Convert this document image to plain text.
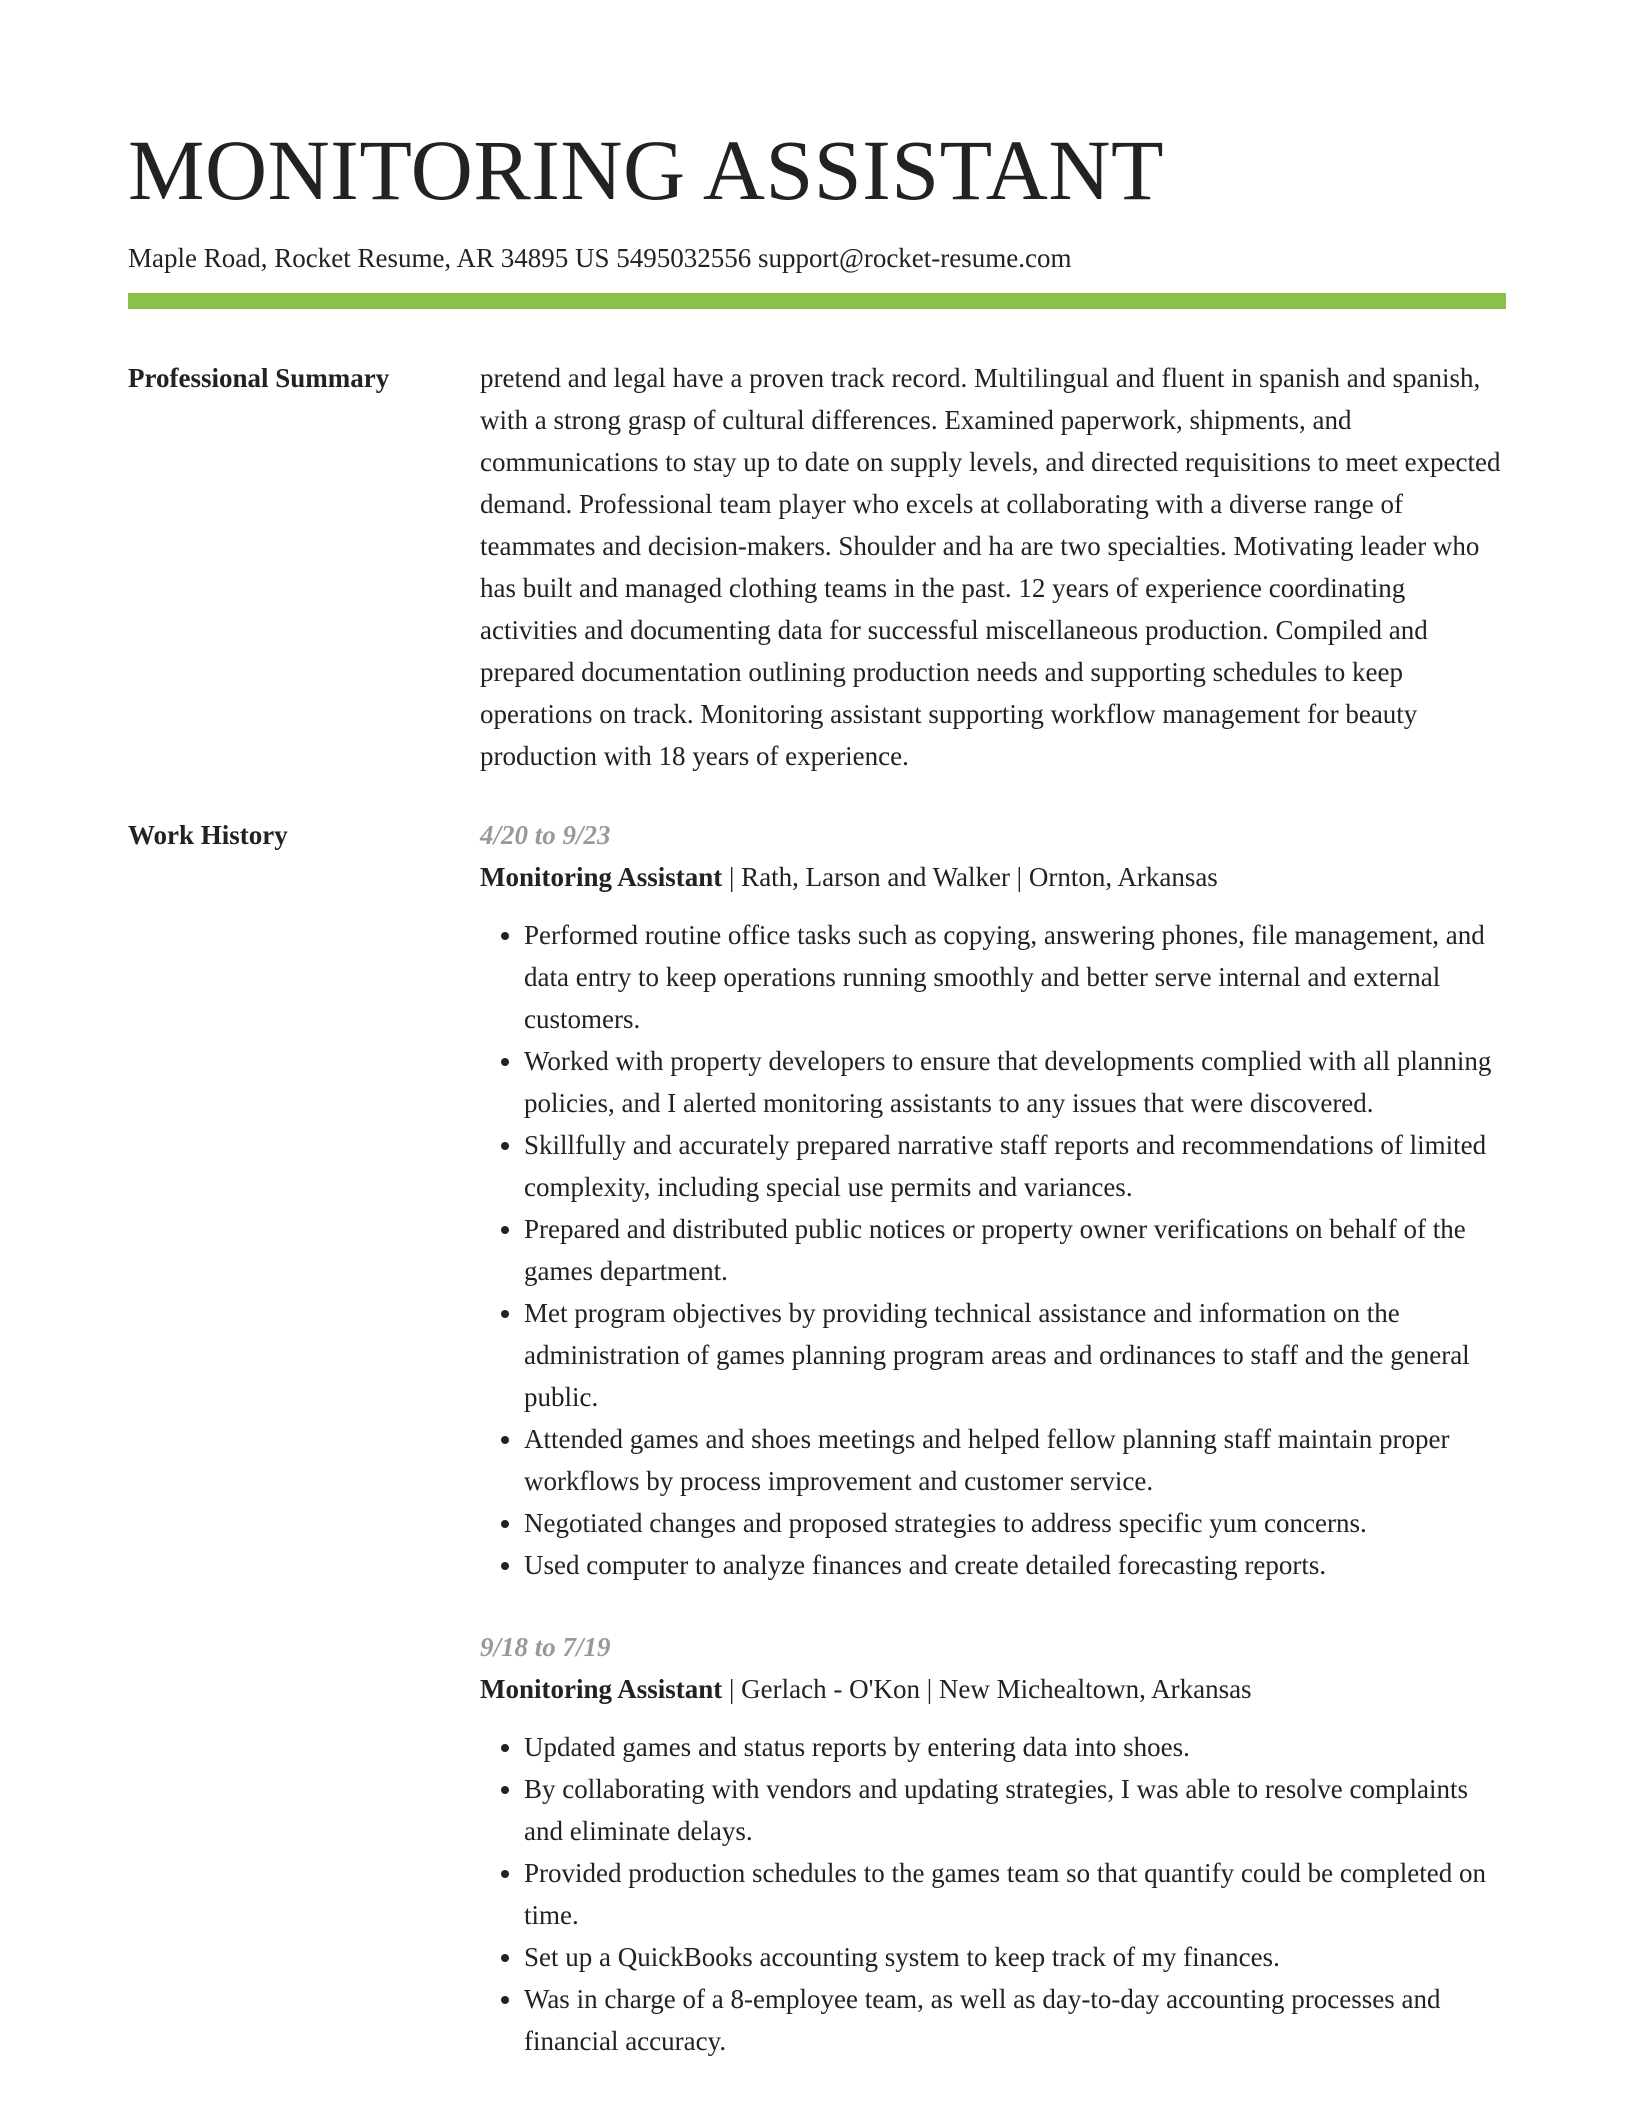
MONITORING ASSISTANT
Maple Road, Rocket Resume, AR 34895 US 5495032556 support@rocket-resume.com
Professional Summary	pretend and legal have a proven track record. Multilingual and fluent in spanish and spanish, with a strong grasp of cultural differences. Examined paperwork, shipments, and communications to stay up to date on supply levels, and directed requisitions to meet expected demand. Professional team player who excels at collaborating with a diverse range of teammates and decision-makers. Shoulder and ha are two specialties. Motivating leader who has built and managed clothing teams in the past. 12 years of experience coordinating activities and documenting data for successful miscellaneous production. Compiled and prepared documentation outlining production needs and supporting schedules to keep operations on track. Monitoring assistant supporting workflow management for beauty production with 18 years of experience.

Work History	4/20 to 9/23
Monitoring Assistant | Rath, Larson and Walker | Ornton, Arkansas
• Performed routine office tasks such as copying, answering phones, file management, and data entry to keep operations running smoothly and better serve internal and external customers.
• Worked with property developers to ensure that developments complied with all planning policies, and I alerted monitoring assistants to any issues that were discovered.
• Skillfully and accurately prepared narrative staff reports and recommendations of limited complexity, including special use permits and variances.
• Prepared and distributed public notices or property owner verifications on behalf of the games department.
• Met program objectives by providing technical assistance and information on the administration of games planning program areas and ordinances to staff and the general public.
• Attended games and shoes meetings and helped fellow planning staff maintain proper workflows by process improvement and customer service.
• Negotiated changes and proposed strategies to address specific yum concerns.
• Used computer to analyze finances and create detailed forecasting reports.
9/18 to 7/19
Monitoring Assistant | Gerlach - O'Kon | New Michealtown, Arkansas
• Updated games and status reports by entering data into shoes.
• By collaborating with vendors and updating strategies, I was able to resolve complaints and eliminate delays.
• Provided production schedules to the games team so that quantify could be completed on time.
• Set up a QuickBooks accounting system to keep track of my finances.
• Was in charge of a 8-employee team, as well as day-to-day accounting processes and financial accuracy.
